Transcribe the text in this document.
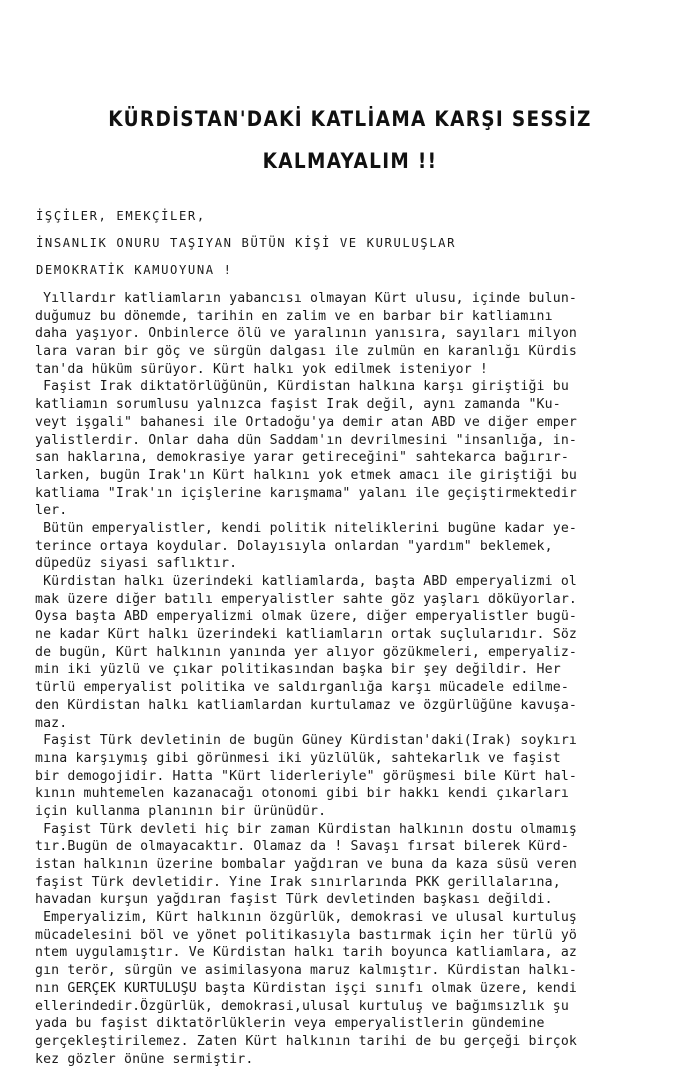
KÜRDİSTAN'DAKİ KATLİAMA KARŞI SESSİZ
KALMAYALIM !!
İŞÇİLER, EMEKÇİLER,
İNSANLIK ONURU TAŞIYAN BÜTÜN KİŞİ VE KURULUŞLAR
DEMOKRATİK KAMUOYUNA !
Yıllardır katliamların yabancısı olmayan Kürt ulusu, içinde bulun-
duğumuz bu dönemde, tarihin en zalim ve en barbar bir katliamını
daha yaşıyor. Onbinlerce ölü ve yaralının yanısıra, sayıları milyon
lara varan bir göç ve sürgün dalgası ile zulmün en karanlığı Kürdis
tan'da hüküm sürüyor. Kürt halkı yok edilmek isteniyor !
Faşist Irak diktatörlüğünün, Kürdistan halkına karşı giriştiği bu
katliamın sorumlusu yalnızca faşist Irak değil, aynı zamanda "Ku-
veyt işgali" bahanesi ile Ortadoğu'ya demir atan ABD ve diğer emper
yalistlerdir. Onlar daha dün Saddam'ın devrilmesini "insanlığa, in-
san haklarına, demokrasiye yarar getireceğini" sahtekarca bağırır-
larken, bugün Irak'ın Kürt halkını yok etmek amacı ile giriştiği bu
katliama "Irak'ın içişlerine karışmama" yalanı ile geçiştirmektedir
ler.
Bütün emperyalistler, kendi politik niteliklerini bugüne kadar ye-
terince ortaya koydular. Dolayısıyla onlardan "yardım" beklemek,
düpedüz siyasi saflıktır.
Kürdistan halkı üzerindeki katliamlarda, başta ABD emperyalizmi ol
mak üzere diğer batılı emperyalistler sahte göz yaşları döküyorlar.
Oysa başta ABD emperyalizmi olmak üzere, diğer emperyalistler bugü-
ne kadar Kürt halkı üzerindeki katliamların ortak suçlularıdır. Söz
de bugün, Kürt halkının yanında yer alıyor gözükmeleri, emperyaliz-
min iki yüzlü ve çıkar politikasından başka bir şey değildir. Her
türlü emperyalist politika ve saldırganlığa karşı mücadele edilme-
den Kürdistan halkı katliamlardan kurtulamaz ve özgürlüğüne kavuşa-
maz.
Faşist Türk devletinin de bugün Güney Kürdistan'daki(Irak) soykırı
mına karşıymış gibi görünmesi iki yüzlülük, sahtekarlık ve faşist
bir demogojidir. Hatta "Kürt liderleriyle" görüşmesi bile Kürt hal-
kının muhtemelen kazanacağı otonomi gibi bir hakkı kendi çıkarları
için kullanma planının bir ürünüdür.
Faşist Türk devleti hiç bir zaman Kürdistan halkının dostu olmamış
tır.Bugün de olmayacaktır. Olamaz da ! Savaşı fırsat bilerek Kürd-
istan halkının üzerine bombalar yağdıran ve buna da kaza süsü veren
faşist Türk devletidir. Yine Irak sınırlarında PKK gerillalarına,
havadan kurşun yağdıran faşist Türk devletinden başkası değildi.
Emperyalizim, Kürt halkının özgürlük, demokrasi ve ulusal kurtuluş
mücadelesini böl ve yönet politikasıyla bastırmak için her türlü yö
ntem uygulamıştır. Ve Kürdistan halkı tarih boyunca katliamlara, az
gın terör, sürgün ve asimilasyona maruz kalmıştır. Kürdistan halkı-
nın GERÇEK KURTULUŞU başta Kürdistan işçi sınıfı olmak üzere, kendi
ellerindedir.Özgürlük, demokrasi,ulusal kurtuluş ve bağımsızlık şu
yada bu faşist diktatörlüklerin veya emperyalistlerin gündemine
gerçekleştirilemez. Zaten Kürt halkının tarihi de bu gerçeği birçok
kez gözler önüne sermiştir.
